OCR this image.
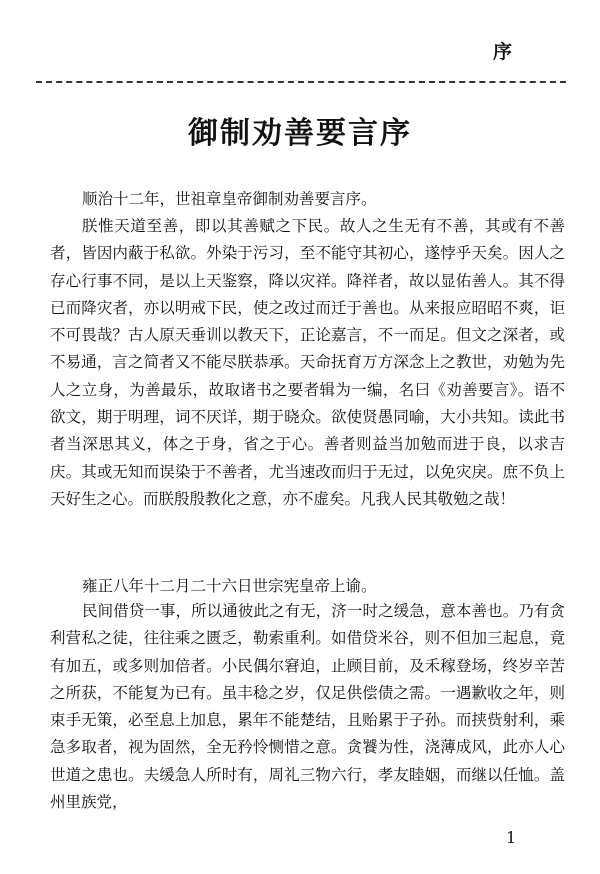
序
御制劝善要言序

顺治十二年，世祖章皇帝御制劝善要言序。

朕惟天道至善，即以其善赋之下民。故人之生无有不善，其或有不善者，皆因内蔽于私欲。外染于污习，至不能守其初心，遂悖乎天矣。因人之存心行事不同，是以上天鉴察，降以灾祥。降祥者，故以显佑善人。其不得已而降灾者，亦以明戒下民，使之改过而迁于善也。从来报应昭昭不爽，讵不可畏哉？古人原天垂训以教天下，正论嘉言，不一而足。但文之深者，或不易通，言之简者又不能尽朕恭承。天命抚育万方深念上之教世，劝勉为先人之立身，为善最乐，故取诸书之要者辑为一编，名曰《劝善要言》。语不欲文，期于明理，词不厌详，期于晓众。欲使贤愚同喻，大小共知。读此书者当深思其义，体之于身，省之于心。善者则益当加勉而进于良，以求吉庆。其或无知而误染于不善者，尤当速改而归于无过，以免灾戾。庶不负上天好生之心。而朕殷殷教化之意，亦不虚矣。凡我人民其敬勉之哉！

雍正八年十二月二十六日世宗宪皇帝上谕。

民间借贷一事，所以通彼此之有无，济一时之缓急，意本善也。乃有贪利营私之徒，往往乘之匮乏，勒索重利。如借贷米谷，则不但加三起息，竟有加五，或多则加倍者。小民偶尔窘迫，止顾目前，及禾稼登场，终岁辛苦之所获，不能复为已有。虽丰稔之岁，仅足供偿债之需。一遇歉收之年，则束手无策，必至息上加息，累年不能楚结，且贻累于子孙。而挟赀射利，乘急多取者，视为固然，全无矜怜恻惜之意。贪饕为性，浇薄成风，此亦人心世道之患也。夫缓急人所时有，周礼三物六行，孝友睦姻，而继以任恤。盖州里族党，

1
